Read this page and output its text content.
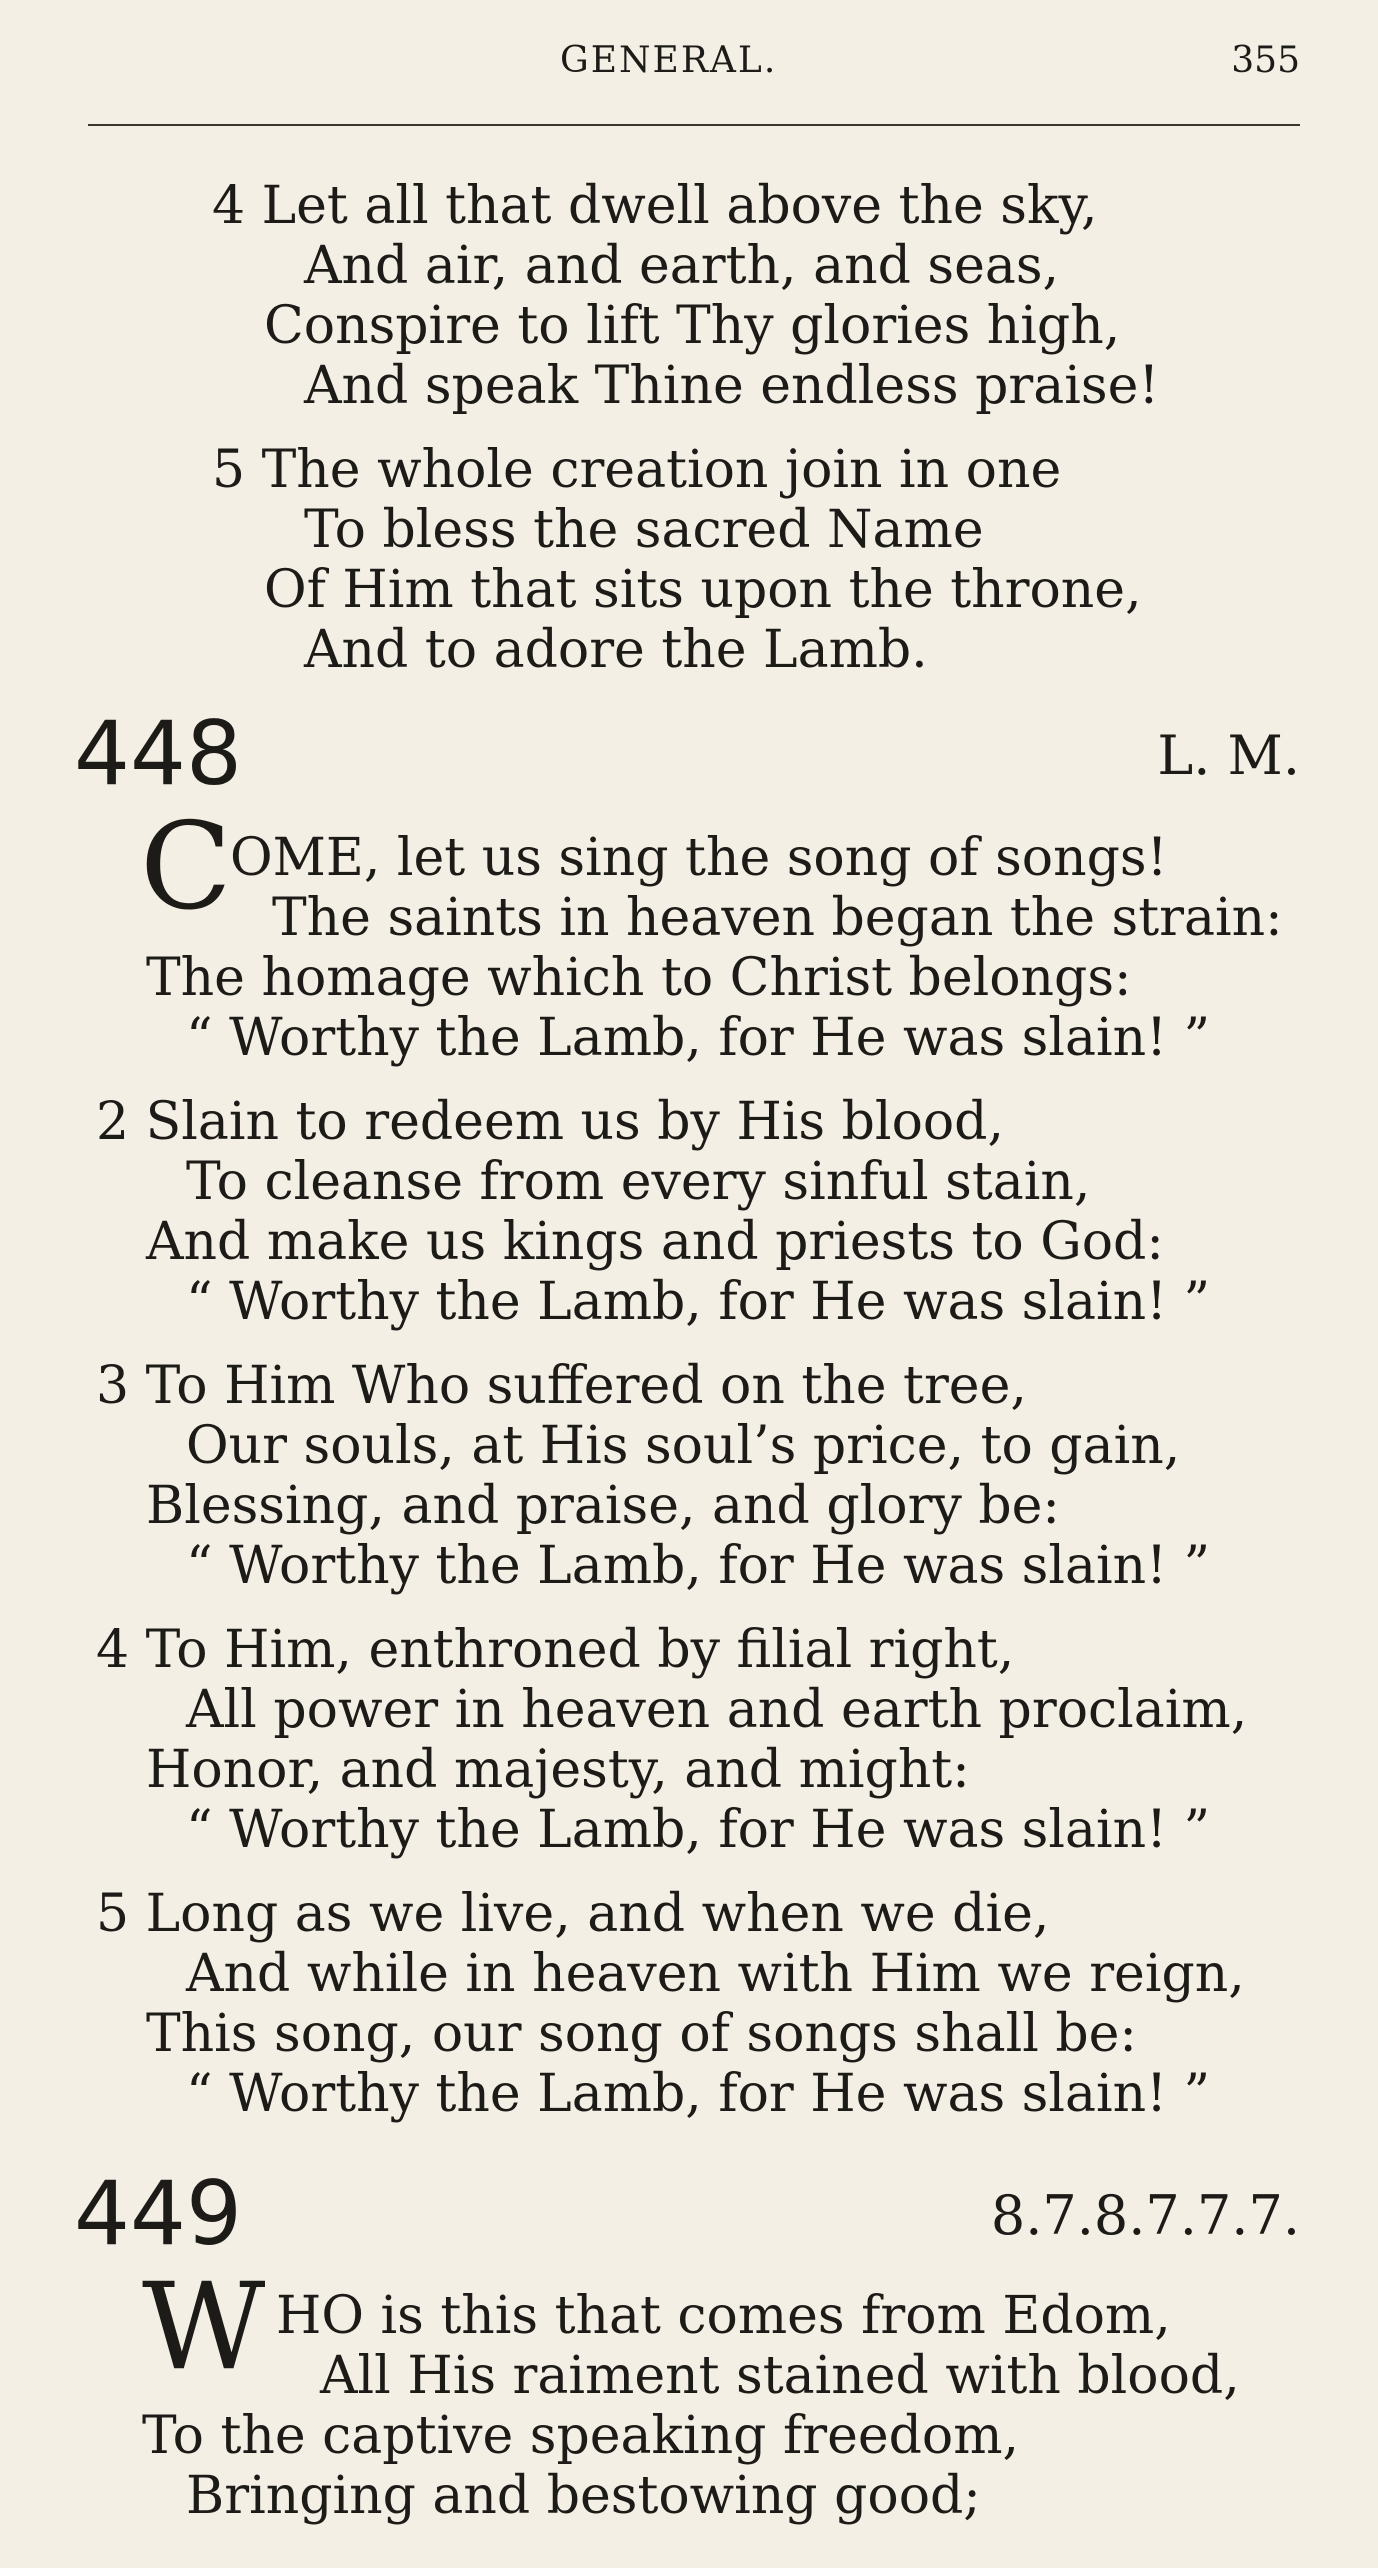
GENERAL.	355
4 Let all that dwell above the sky,
And air, and earth, and seas,
Conspire to lift Thy glories high,
And speak Thine endless praise!
5 The whole creation join in one
To bless the sacred Name
Of Him that sits upon the throne,
And to adore the Lamb.
448	L. M.
C
OME, let us sing the song of songs!
The saints in heaven began the strain:
The homage which to Christ belongs:
“ Worthy the Lamb, for He was slain! ”
2 Slain to redeem us by His blood,
To cleanse from every sinful stain,
And make us kings and priests to God:
“ Worthy the Lamb, for He was slain! ”
3 To Him Who suffered on the tree,
Our souls, at His soul’s price, to gain,
Blessing, and praise, and glory be:
“ Worthy the Lamb, for He was slain! ”
4 To Him, enthroned by filial right,
All power in heaven and earth proclaim,
Honor, and majesty, and might:
“ Worthy the Lamb, for He was slain! ”
5 Long as we live, and when we die,
And while in heaven with Him we reign,
This song, our song of songs shall be:
“ Worthy the Lamb, for He was slain! ”
449	8.7.8.7.7.7.
W HO is this that comes from Edom,
All His raiment stained with blood,
To the captive speaking freedom,
Bringing and bestowing good;
